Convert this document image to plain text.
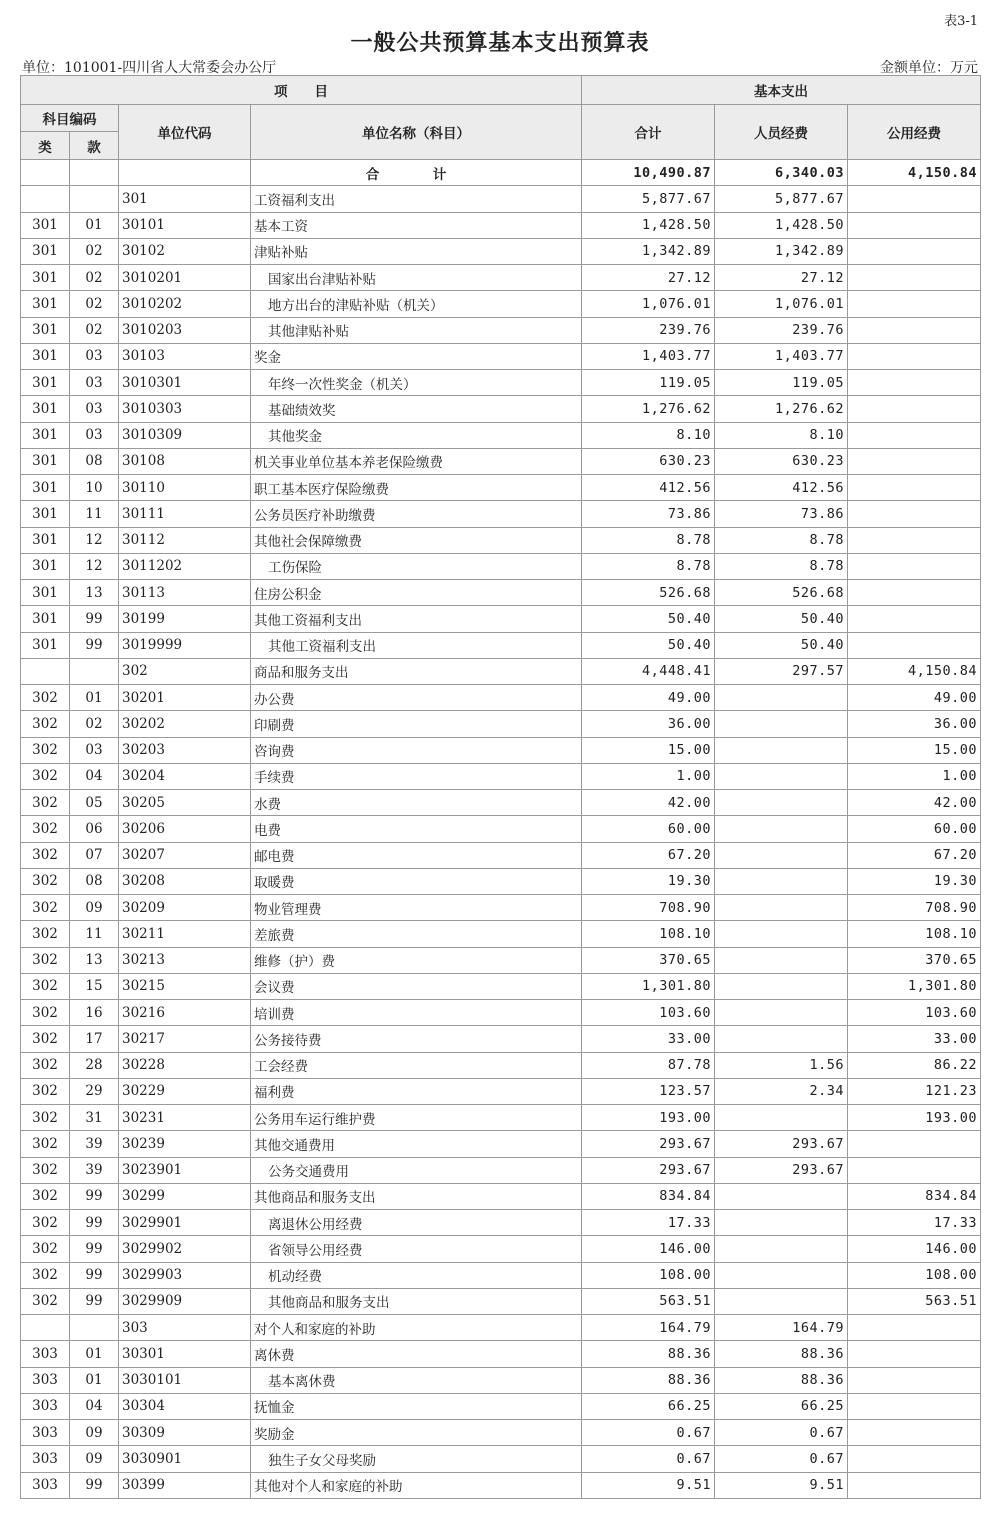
表3-1
一般公共预算基本支出预算表
单位：101001-四川省人大常委会办公厅	金额单位：万元
项　　目				基本支出		
科目编码		单位代码	单位名称（科目）	合计	人员经费	公用经费
类	款					
			合　计	10,490.87	6,340.03	4,150.84
		301	工资福利支出	5,877.67	5,877.67	
301	01	30101	基本工资	1,428.50	1,428.50	
301	02	30102	津贴补贴	1,342.89	1,342.89	
301	02	3010201	国家出台津贴补贴	27.12	27.12	
301	02	3010202	地方出台的津贴补贴（机关）	1,076.01	1,076.01	
301	02	3010203	其他津贴补贴	239.76	239.76	
301	03	30103	奖金	1,403.77	1,403.77	
301	03	3010301	年终一次性奖金（机关）	119.05	119.05	
301	03	3010303	基础绩效奖	1,276.62	1,276.62	
301	03	3010309	其他奖金	8.10	8.10	
301	08	30108	机关事业单位基本养老保险缴费	630.23	630.23	
301	10	30110	职工基本医疗保险缴费	412.56	412.56	
301	11	30111	公务员医疗补助缴费	73.86	73.86	
301	12	30112	其他社会保障缴费	8.78	8.78	
301	12	3011202	工伤保险	8.78	8.78	
301	13	30113	住房公积金	526.68	526.68	
301	99	30199	其他工资福利支出	50.40	50.40	
301	99	3019999	其他工资福利支出	50.40	50.40	
		302	商品和服务支出	4,448.41	297.57	4,150.84
302	01	30201	办公费	49.00		49.00
302	02	30202	印刷费	36.00		36.00
302	03	30203	咨询费	15.00		15.00
302	04	30204	手续费	1.00		1.00
302	05	30205	水费	42.00		42.00
302	06	30206	电费	60.00		60.00
302	07	30207	邮电费	67.20		67.20
302	08	30208	取暖费	19.30		19.30
302	09	30209	物业管理费	708.90		708.90
302	11	30211	差旅费	108.10		108.10
302	13	30213	维修（护）费	370.65		370.65
302	15	30215	会议费	1,301.80		1,301.80
302	16	30216	培训费	103.60		103.60
302	17	30217	公务接待费	33.00		33.00
302	28	30228	工会经费	87.78	1.56	86.22
302	29	30229	福利费	123.57	2.34	121.23
302	31	30231	公务用车运行维护费	193.00		193.00
302	39	30239	其他交通费用	293.67	293.67	
302	39	3023901	公务交通费用	293.67	293.67	
302	99	30299	其他商品和服务支出	834.84		834.84
302	99	3029901	离退休公用经费	17.33		17.33
302	99	3029902	省领导公用经费	146.00		146.00
302	99	3029903	机动经费	108.00		108.00
302	99	3029909	其他商品和服务支出	563.51		563.51
		303	对个人和家庭的补助	164.79	164.79	
303	01	30301	离休费	88.36	88.36	
303	01	3030101	基本离休费	88.36	88.36	
303	04	30304	抚恤金	66.25	66.25	
303	09	30309	奖励金	0.67	0.67	
303	09	3030901	独生子女父母奖励	0.67	0.67	
303	99	30399	其他对个人和家庭的补助	9.51	9.51	
